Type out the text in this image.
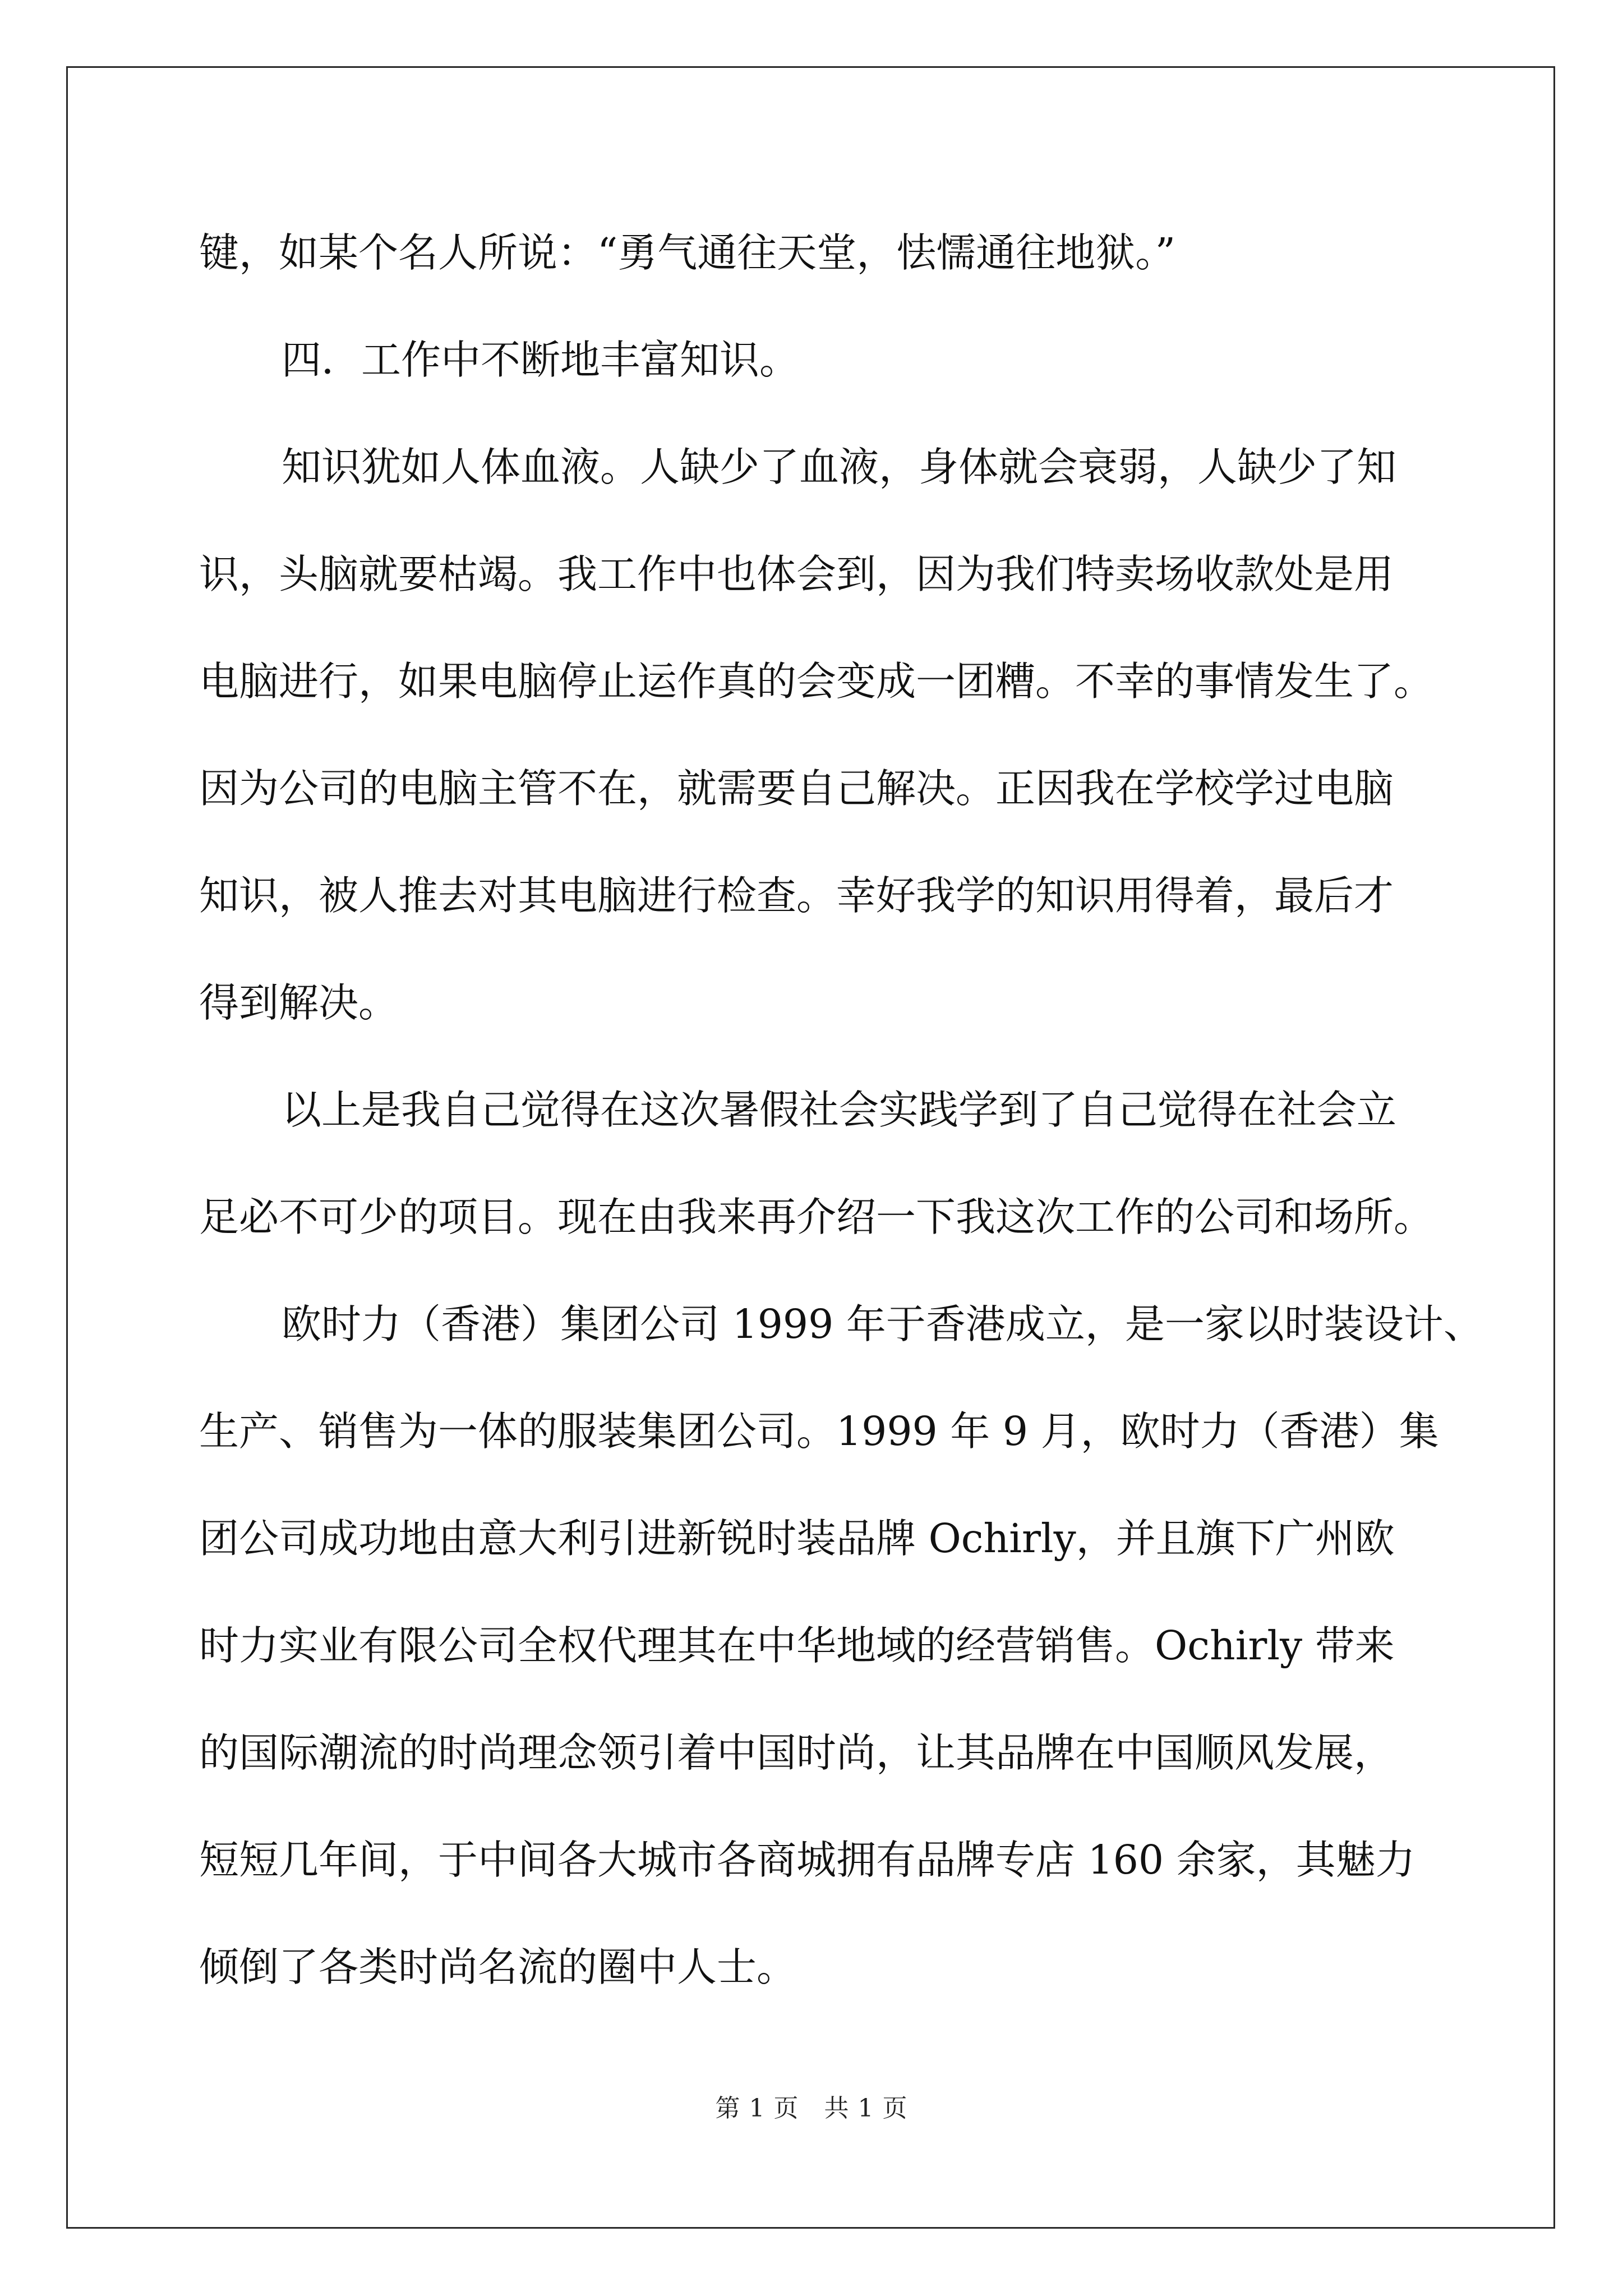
键，如某个名人所说：“勇气通往天堂，怯懦通往地狱。”
四．工作中不断地丰富知识。
知识犹如人体血液。人缺少了血液，身体就会衰弱，人缺少了知
识，头脑就要枯竭。我工作中也体会到，因为我们特卖场收款处是用
电脑进行，如果电脑停止运作真的会变成一团糟。不幸的事情发生了。
因为公司的电脑主管不在，就需要自己解决。正因我在学校学过电脑
知识，被人推去对其电脑进行检查。幸好我学的知识用得着，最后才
得到解决。
以上是我自己觉得在这次暑假社会实践学到了自己觉得在社会立
足必不可少的项目。现在由我来再介绍一下我这次工作的公司和场所。
欧时力（香港）集团公司 1999 年于香港成立，是一家以时装设计、
生产、销售为一体的服装集团公司。1999 年 9 月，欧时力（香港）集
团公司成功地由意大利引进新锐时装品牌 Ochirly，并且旗下广州欧
时力实业有限公司全权代理其在中华地域的经营销售。Ochirly 带来
的国际潮流的时尚理念领引着中国时尚，让其品牌在中国顺风发展，
短短几年间，于中间各大城市各商城拥有品牌专店 160 余家，其魅力
倾倒了各类时尚名流的圈中人士。
第 1 页　共 1 页
